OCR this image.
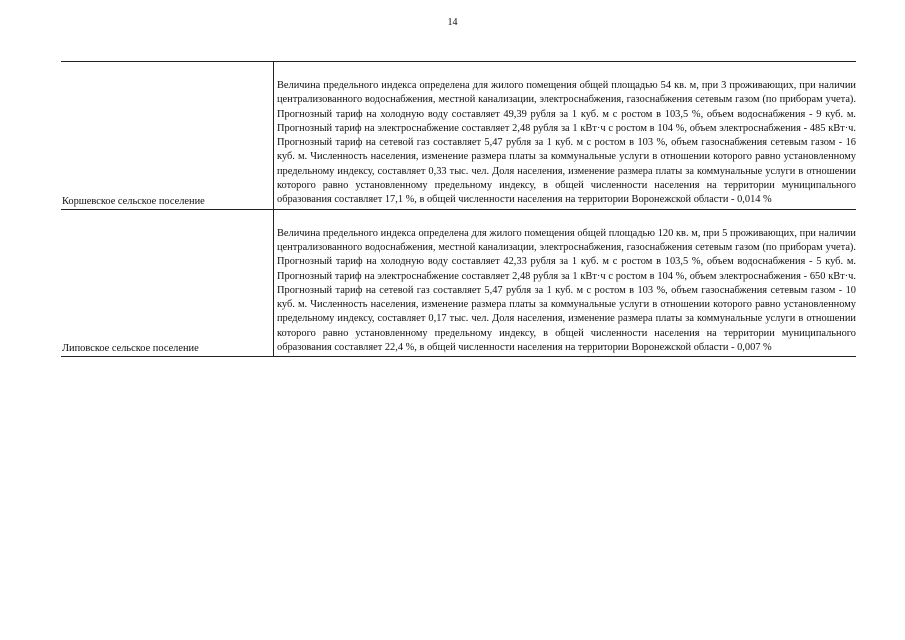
14
Коршевское сельское поселение
Величина предельного индекса определена для жилого помещения общей площадью 54 кв. м, при 3 проживающих, при наличии централизованного водоснабжения, местной канализации, электроснабжения, газоснабжения сетевым газом (по приборам учета). Прогнозный тариф на холодную воду составляет 49,39 рубля за 1 куб. м с ростом в 103,5 %, объем водоснабжения - 9 куб. м. Прогнозный тариф на электроснабжение составляет 2,48 рубля за 1 кВт·ч с ростом в 104 %, объем электроснабжения - 485 кВт·ч. Прогнозный тариф на сетевой газ составляет 5,47 рубля за 1 куб. м с ростом в 103 %, объем газоснабжения сетевым газом - 16 куб. м. Численность населения, изменение размера платы за коммунальные услуги в отношении которого равно установленному предельному индексу, составляет 0,33 тыс. чел. Доля населения, изменение размера платы за коммунальные услуги в отношении которого равно установленному предельному индексу, в общей численности населения на территории муниципального образования составляет 17,1 %, в общей численности населения на территории Воронежской области - 0,014 %
Липовское сельское поселение
Величина предельного индекса определена для жилого помещения общей площадью 120 кв. м, при 5 проживающих, при наличии централизованного водоснабжения, местной канализации, электроснабжения, газоснабжения сетевым газом (по приборам учета). Прогнозный тариф на холодную воду составляет 42,33 рубля за 1 куб. м с ростом в 103,5 %, объем водоснабжения - 5 куб. м. Прогнозный тариф на электроснабжение составляет 2,48 рубля за 1 кВт·ч с ростом в 104 %, объем электроснабжения - 650 кВт·ч. Прогнозный тариф на сетевой газ составляет 5,47 рубля за 1 куб. м с ростом в 103 %, объем газоснабжения сетевым газом - 10 куб. м. Численность населения, изменение размера платы за коммунальные услуги в отношении которого равно установленному предельному индексу, составляет 0,17 тыс. чел. Доля населения, изменение размера платы за коммунальные услуги в отношении которого равно установленному предельному индексу, в общей численности населения на территории муниципального образования составляет 22,4 %, в общей численности населения на территории Воронежской области - 0,007 %
